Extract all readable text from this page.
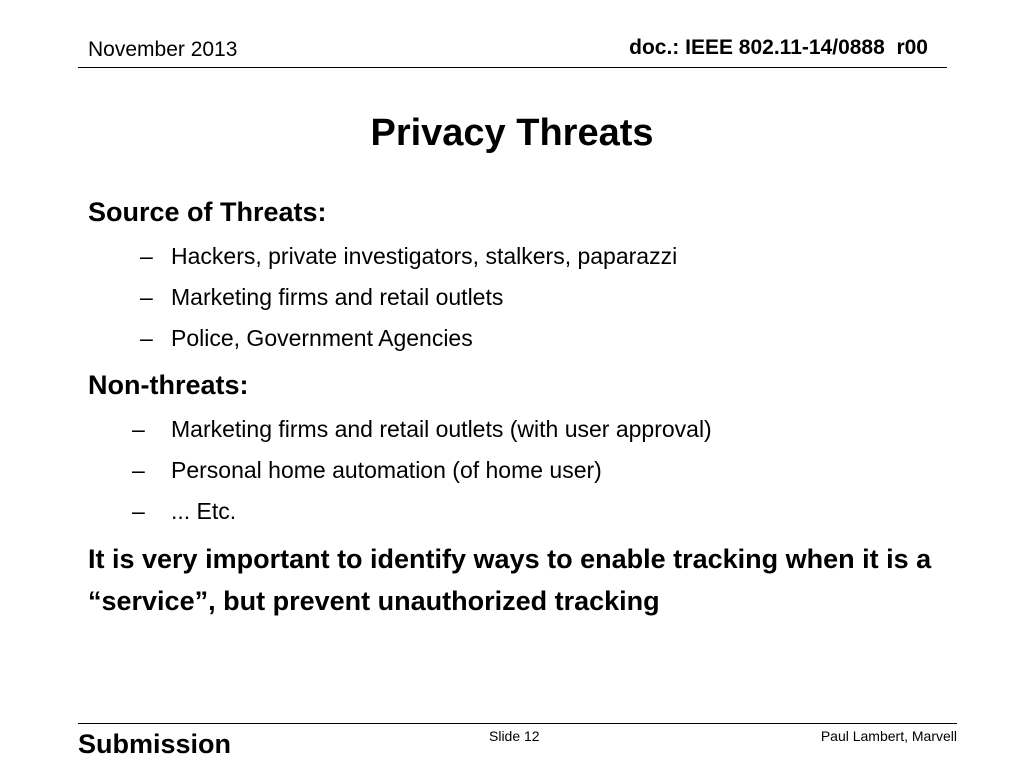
November 2013	doc.: IEEE 802.11-14/0888  r00
Privacy Threats

Source of Threats:

– Hackers, private investigators, stalkers, paparazzi
– Marketing firms and retail outlets
– Police, Government Agencies

Non-threats:

– Marketing firms and retail outlets (with user approval)
– Personal home automation (of home user)
– ... Etc.

It is very important to identify ways to enable tracking when it is a “service”, but prevent unauthorized tracking

Submission	Slide 12	Paul Lambert, Marvell
